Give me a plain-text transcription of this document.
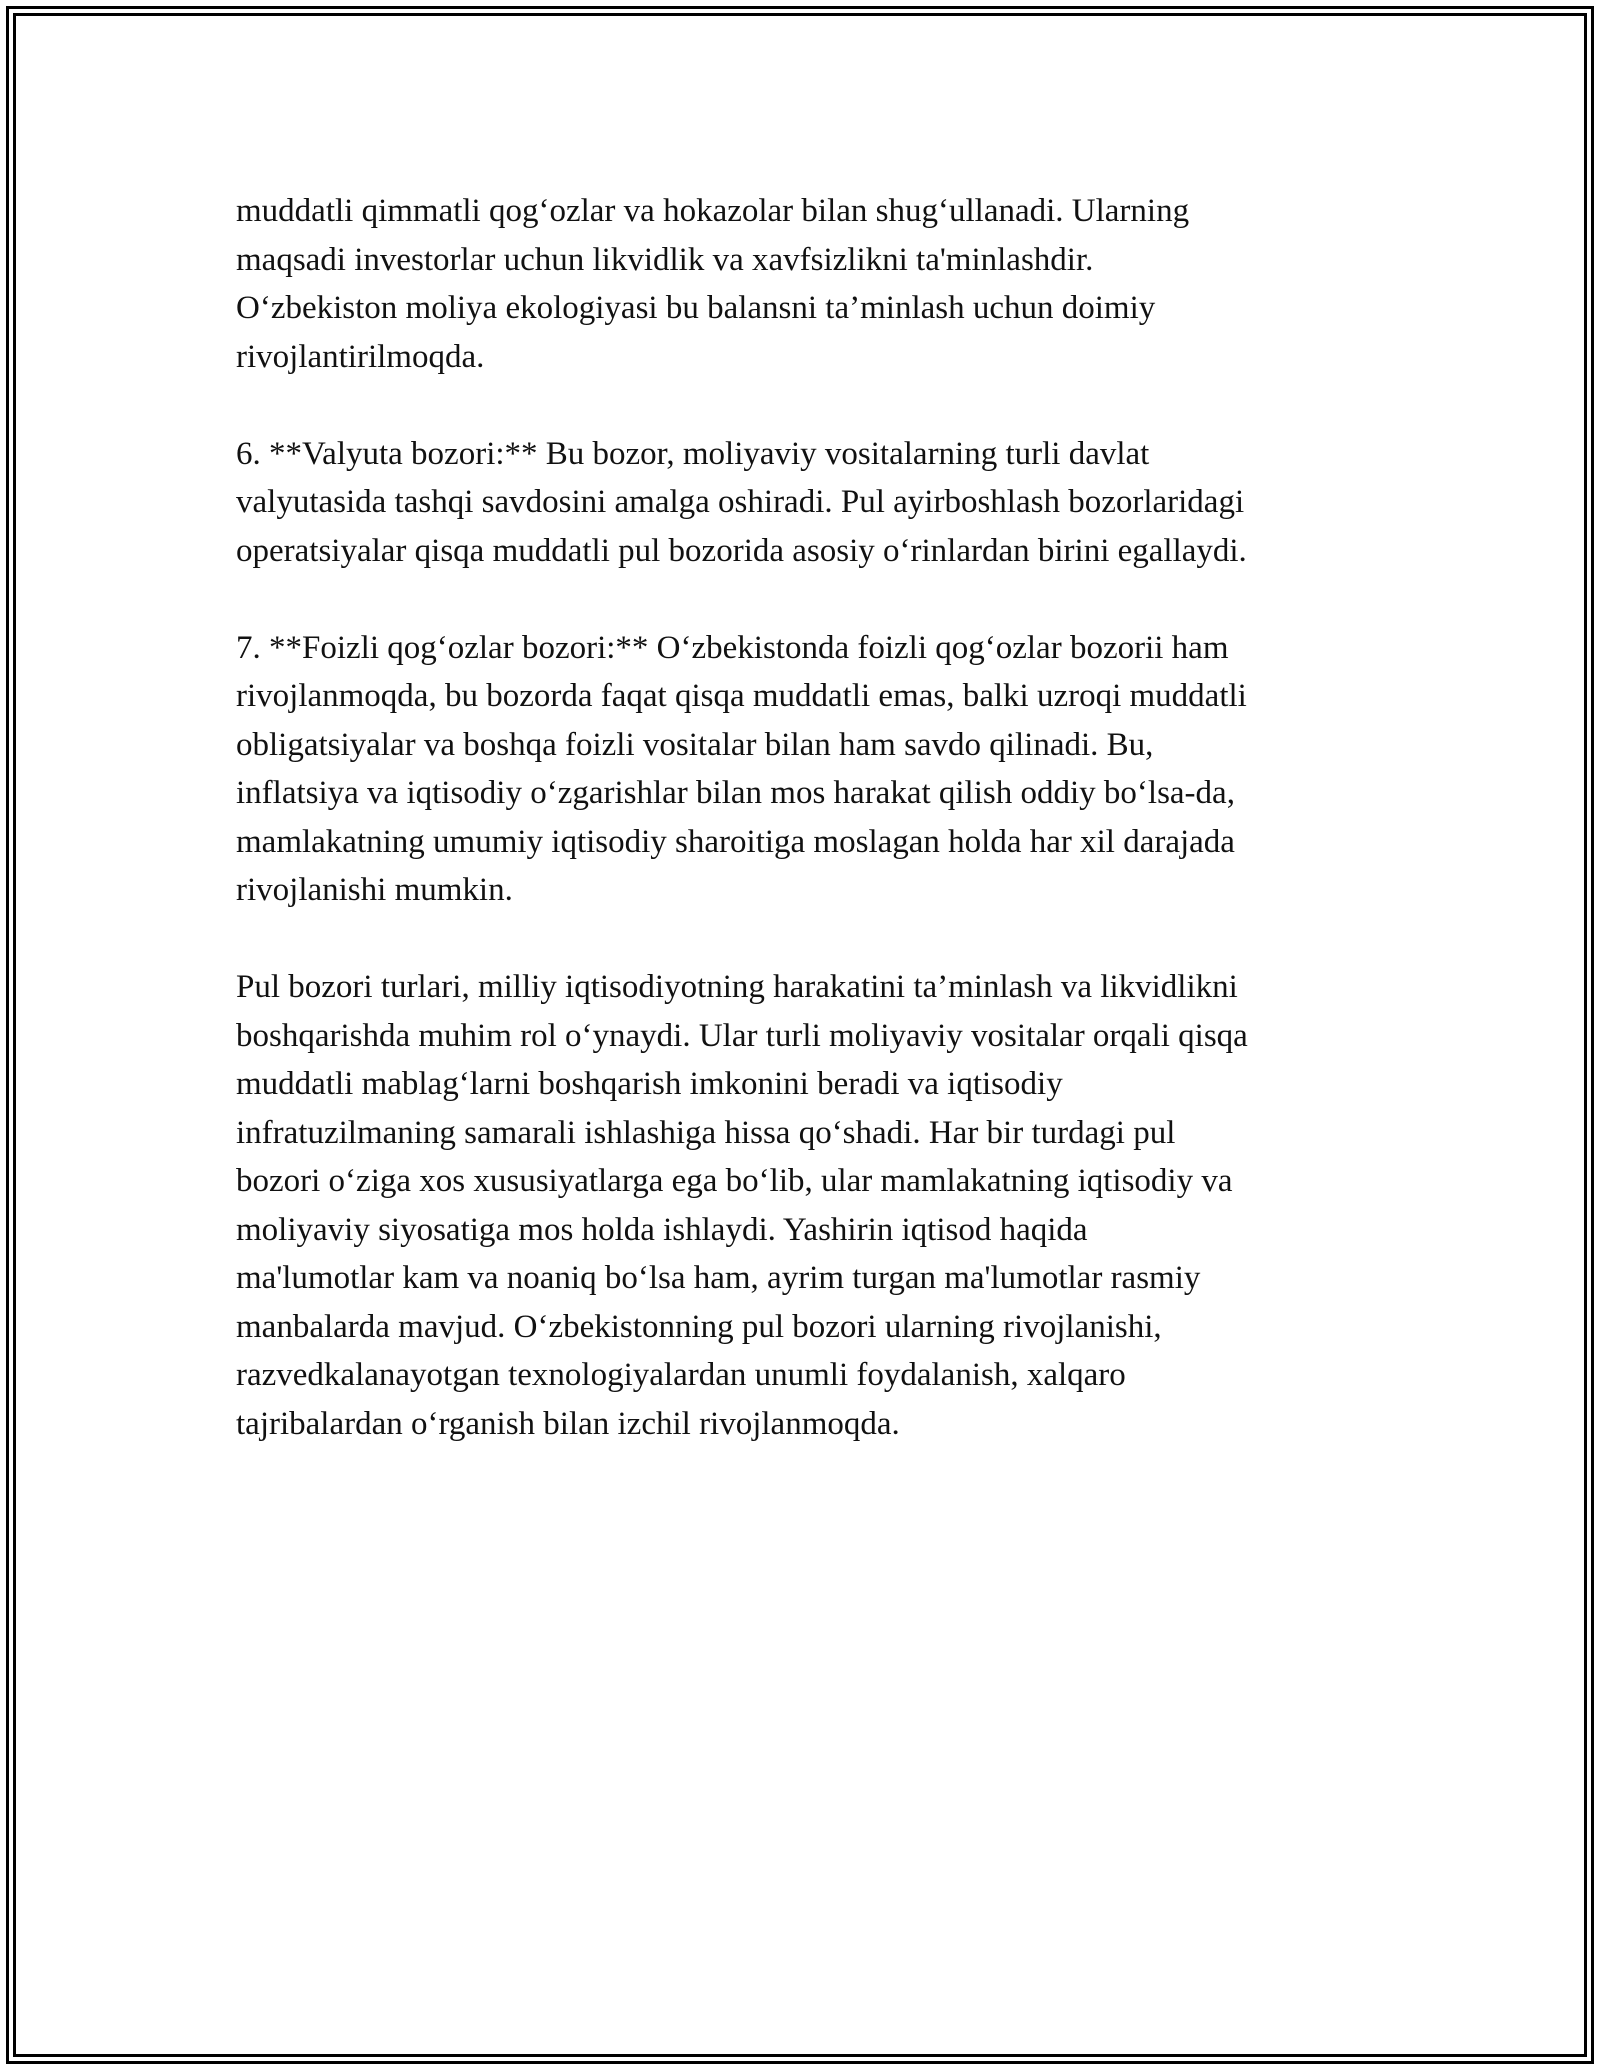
muddatli qimmatli qog‘ozlar va hokazolar bilan shug‘ullanadi. Ularning
maqsadi investorlar uchun likvidlik va xavfsizlikni ta'minlashdir.
O‘zbekiston moliya ekologiyasi bu balansni ta’minlash uchun doimiy
rivojlantirilmoqda.

6. **Valyuta bozori:** Bu bozor, moliyaviy vositalarning turli davlat
valyutasida tashqi savdosini amalga oshiradi. Pul ayirboshlash bozorlaridagi
operatsiyalar qisqa muddatli pul bozorida asosiy o‘rinlardan birini egallaydi.

7. **Foizli qog‘ozlar bozori:** O‘zbekistonda foizli qog‘ozlar bozorii ham
rivojlanmoqda, bu bozorda faqat qisqa muddatli emas, balki uzroqi muddatli
obligatsiyalar va boshqa foizli vositalar bilan ham savdo qilinadi. Bu,
inflatsiya va iqtisodiy o‘zgarishlar bilan mos harakat qilish oddiy bo‘lsa-da,
mamlakatning umumiy iqtisodiy sharoitiga moslagan holda har xil darajada
rivojlanishi mumkin.

Pul bozori turlari, milliy iqtisodiyotning harakatini ta’minlash va likvidlikni
boshqarishda muhim rol o‘ynaydi. Ular turli moliyaviy vositalar orqali qisqa
muddatli mablag‘larni boshqarish imkonini beradi va iqtisodiy
infratuzilmaning samarali ishlashiga hissa qo‘shadi. Har bir turdagi pul
bozori o‘ziga xos xususiyatlarga ega bo‘lib, ular mamlakatning iqtisodiy va
moliyaviy siyosatiga mos holda ishlaydi. Yashirin iqtisod haqida
ma'lumotlar kam va noaniq bo‘lsa ham, ayrim turgan ma'lumotlar rasmiy
manbalarda mavjud. O‘zbekistonning pul bozori ularning rivojlanishi,
razvedkalanayotgan texnologiyalardan unumli foydalanish, xalqaro
tajribalardan o‘rganish bilan izchil rivojlanmoqda.
